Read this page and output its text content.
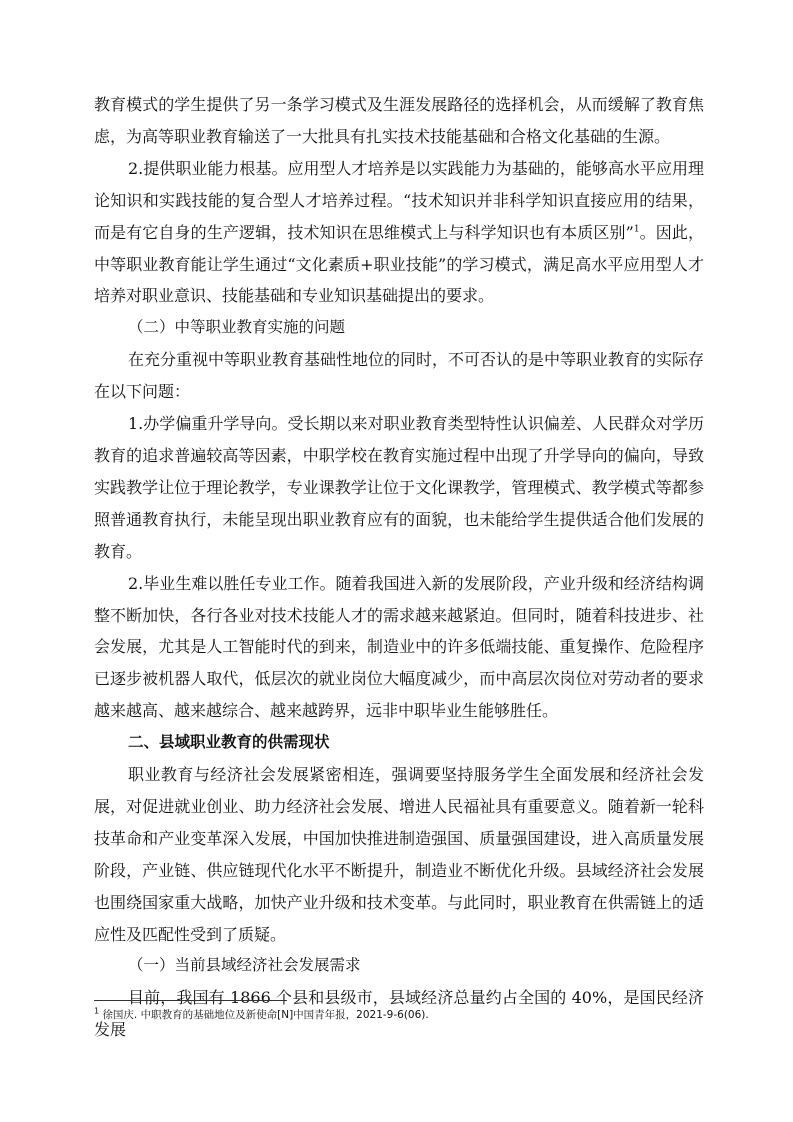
教育模式的学生提供了另一条学习模式及生涯发展路径的选择机会，从而缓解了教育焦虑，为高等职业教育输送了一大批具有扎实技术技能基础和合格文化基础的生源。

2.提供职业能力根基。应用型人才培养是以实践能力为基础的，能够高水平应用理论知识和实践技能的复合型人才培养过程。“技术知识并非科学知识直接应用的结果，而是有它自身的生产逻辑，技术知识在思维模式上与科学知识也有本质区别”$^1$。因此，中等职业教育能让学生通过“文化素质+职业技能”的学习模式，满足高水平应用型人才培养对职业意识、技能基础和专业知识基础提出的要求。

（二）中等职业教育实施的问题

在充分重视中等职业教育基础性地位的同时，不可否认的是中等职业教育的实际存在以下问题：

1.办学偏重升学导向。受长期以来对职业教育类型特性认识偏差、人民群众对学历教育的追求普遍较高等因素，中职学校在教育实施过程中出现了升学导向的偏向，导致实践教学让位于理论教学，专业课教学让位于文化课教学，管理模式、教学模式等都参照普通教育执行，未能呈现出职业教育应有的面貌，也未能给学生提供适合他们发展的教育。

2.毕业生难以胜任专业工作。随着我国进入新的发展阶段，产业升级和经济结构调整不断加快，各行各业对技术技能人才的需求越来越紧迫。但同时，随着科技进步、社会发展，尤其是人工智能时代的到来，制造业中的许多低端技能、重复操作、危险程序已逐步被机器人取代，低层次的就业岗位大幅度减少，而中高层次岗位对劳动者的要求越来越高、越来越综合、越来越跨界，远非中职毕业生能够胜任。

二、县域职业教育的供需现状

职业教育与经济社会发展紧密相连，强调要坚持服务学生全面发展和经济社会发展，对促进就业创业、助力经济社会发展、增进人民福祉具有重要意义。随着新一轮科技革命和产业变革深入发展，中国加快推进制造强国、质量强国建设，进入高质量发展阶段，产业链、供应链现代化水平不断提升，制造业不断优化升级。县域经济社会发展也围绕国家重大战略，加快产业升级和技术变革。与此同时，职业教育在供需链上的适应性及匹配性受到了质疑。

（一）当前县域经济社会发展需求

目前，我国有 1866 个县和县级市，县域经济总量约占全国的 40%，是国民经济发展

$^1$ 徐国庆. 中职教育的基础地位及新使命[N]中国青年报，2021-9-6(06).
